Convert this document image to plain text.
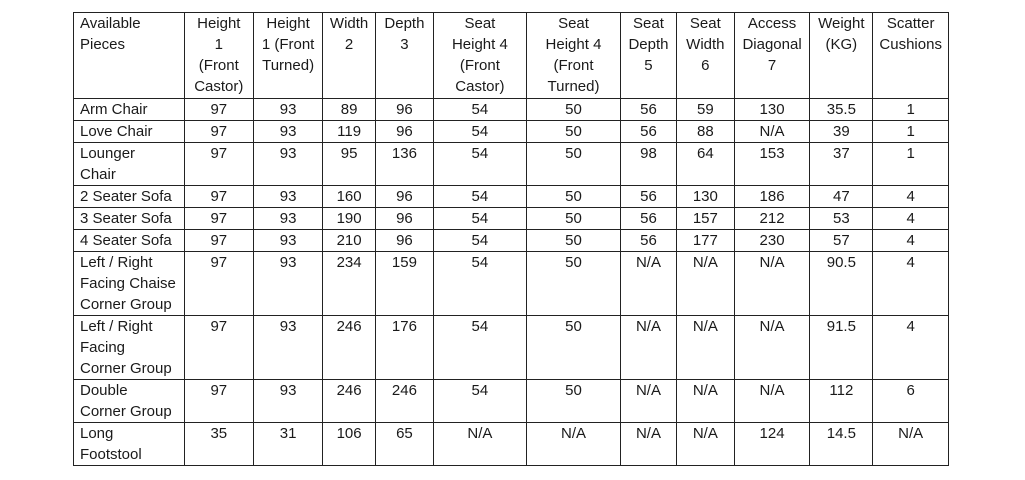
Available
Pieces	Height
1
(Front
Castor)	Height
1 (Front
Turned)	Width
2	Depth
3	Seat
Height 4
(Front
Castor)	Seat
Height 4
(Front
Turned)	Seat
Depth
5	Seat
Width
6	Access
Diagonal
7	Weight
(KG)	Scatter
Cushions
Arm Chair	97	93	89	96	54	50	56	59	130	35.5	1
Love Chair	97	93	119	96	54	50	56	88	N/A	39	1
Lounger
Chair	97	93	95	136	54	50	98	64	153	37	1
2 Seater Sofa	97	93	160	96	54	50	56	130	186	47	4
3 Seater Sofa	97	93	190	96	54	50	56	157	212	53	4
4 Seater Sofa	97	93	210	96	54	50	56	177	230	57	4
Left / Right
Facing Chaise
Corner Group	97	93	234	159	54	50	N/A	N/A	N/A	90.5	4
Left / Right
Facing
Corner Group	97	93	246	176	54	50	N/A	N/A	N/A	91.5	4
Double
Corner Group	97	93	246	246	54	50	N/A	N/A	N/A	112	6
Long
Footstool	35	31	106	65	N/A	N/A	N/A	N/A	124	14.5	N/A
